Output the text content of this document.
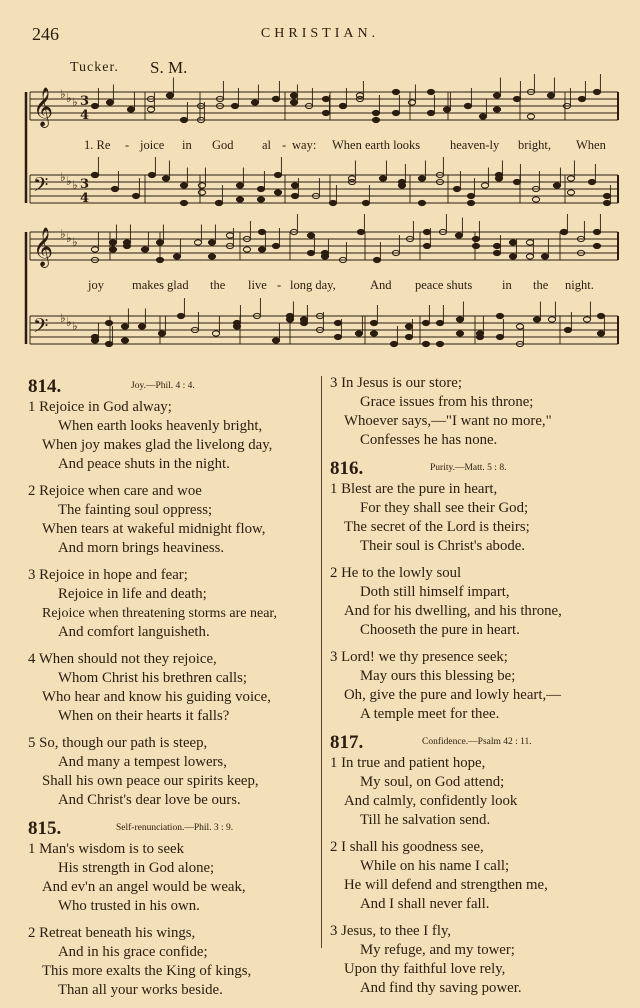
246	CHRISTIAN.
Tucker. S. M.
𝄞 ♭ ♭ ♭ 3
4
𝄢 ♭ ♭ ♭ 3
4
𝄞 ♭ ♭ ♭
𝄢 ♭ ♭ ♭
1. Re - joice in God al - way: When earth looks heaven-ly bright, When
joy makes glad the live - long day,	And peace shuts in the night.
814.	Joy.—Phil. 4 : 4.
1 Rejoice in God alway;
When earth looks heavenly bright,
When joy makes glad the livelong day,
And peace shuts in the night.
2 Rejoice when care and woe
The fainting soul oppress;
When tears at wakeful midnight flow,
And morn brings heaviness.
3 Rejoice in hope and fear;
Rejoice in life and death;
Rejoice when threatening storms are near,
And comfort languisheth.
4 When should not they rejoice,
Whom Christ his brethren calls;
Who hear and know his guiding voice,
When on their hearts it falls?
5 So, though our path is steep,
And many a tempest lowers,
Shall his own peace our spirits keep,
And Christ's dear love be ours.
815.	Self-renunciation.—Phil. 3 : 9.
1 Man's wisdom is to seek
His strength in God alone;
And ev'n an angel would be weak,
Who trusted in his own.
2 Retreat beneath his wings,
And in his grace confide;
This more exalts the King of kings,
Than all your works beside.
3 In Jesus is our store;
Grace issues from his throne;
Whoever says,—"I want no more,"
Confesses he has none.
816.	Purity.—Matt. 5 : 8.
1 Blest are the pure in heart,
For they shall see their God;
The secret of the Lord is theirs;
Their soul is Christ's abode.
2 He to the lowly soul
Doth still himself impart,
And for his dwelling, and his throne,
Chooseth the pure in heart.
3 Lord! we thy presence seek;
May ours this blessing be;
Oh, give the pure and lowly heart,—
A temple meet for thee.
817.	Confidence.—Psalm 42 : 11.
1 In true and patient hope,
My soul, on God attend;
And calmly, confidently look
Till he salvation send.
2 I shall his goodness see,
While on his name I call;
He will defend and strengthen me,
And I shall never fall.
3 Jesus, to thee I fly,
My refuge, and my tower;
Upon thy faithful love rely,
And find thy saving power.
